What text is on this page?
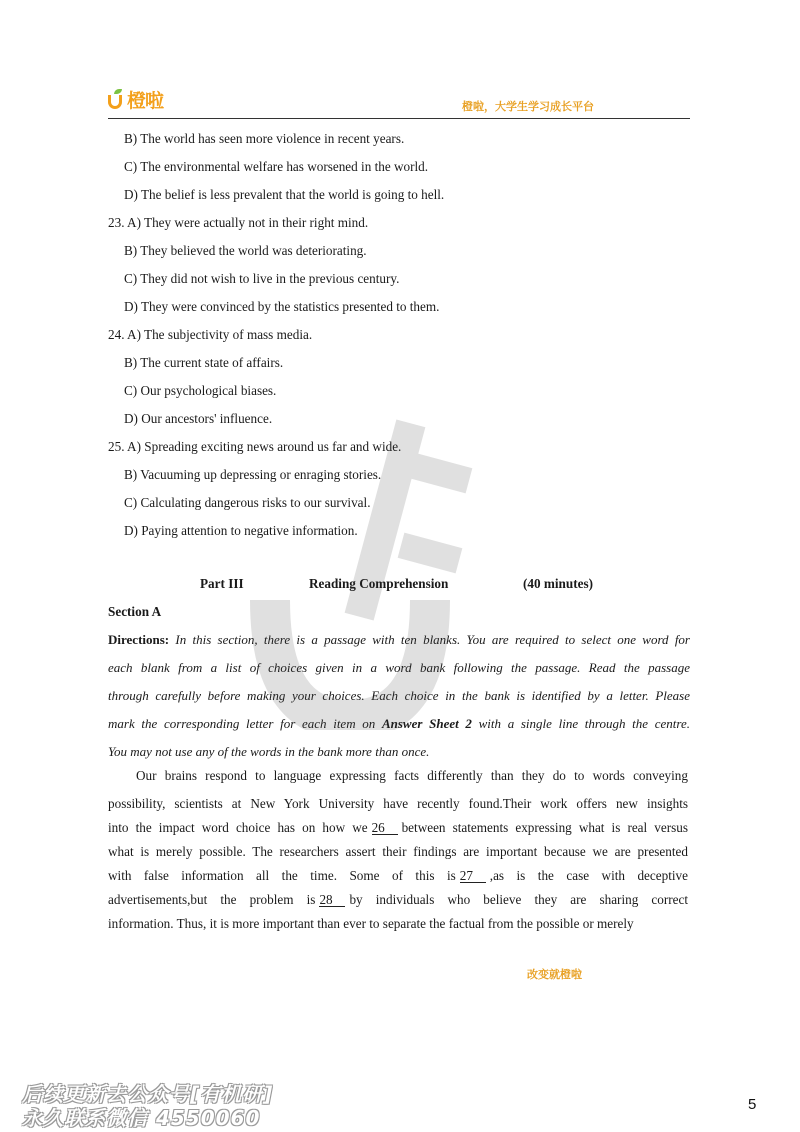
橙啦	橙啦，大学生学习成长平台
B) The world has seen more violence in recent years.
C) The environmental welfare has worsened in the world.
D) The belief is less prevalent that the world is going to hell.
23. A) They were actually not in their right mind.
B) They believed the world was deteriorating.
C) They did not wish to live in the previous century.
D) They were convinced by the statistics presented to them.
24. A) The subjectivity of mass media.
B) The current state of affairs.
C) Our psychological biases.
D) Our ancestors' influence.
25. A) Spreading exciting news around us far and wide.
B) Vacuuming up depressing or enraging stories.
C) Calculating dangerous risks to our survival.
D) Paying attention to negative information.
Part III	Reading Comprehension	(40 minutes)
Section A
Directions: In this section, there is a passage with ten blanks. You are required to select one word for
each blank from a list of choices given in a word bank following the passage. Read the passage
through carefully before making your choices. Each choice in the bank is identified by a letter. Please
mark the corresponding letter for each item on Answer Sheet 2 with a single line through the centre.
You may not use any of the words in the bank more than once.
Our brains respond to language expressing facts differently than they do to words conveying
possibility, scientists at New York University have recently found.Their work offers new insights
into the impact word choice has on how we 26 between statements expressing what is real versus
what is merely possible. The researchers assert their findings are important because we are presented
with false information all the time. Some of this is 27 ,as is the case with deceptive
advertisements,but the problem is 28 by individuals who believe they are sharing correct
information. Thus, it is more important than ever to separate the factual from the possible or merely
改变就橙啦
后续更新去公众号[有机研]
永久联系微信 4550060
5
